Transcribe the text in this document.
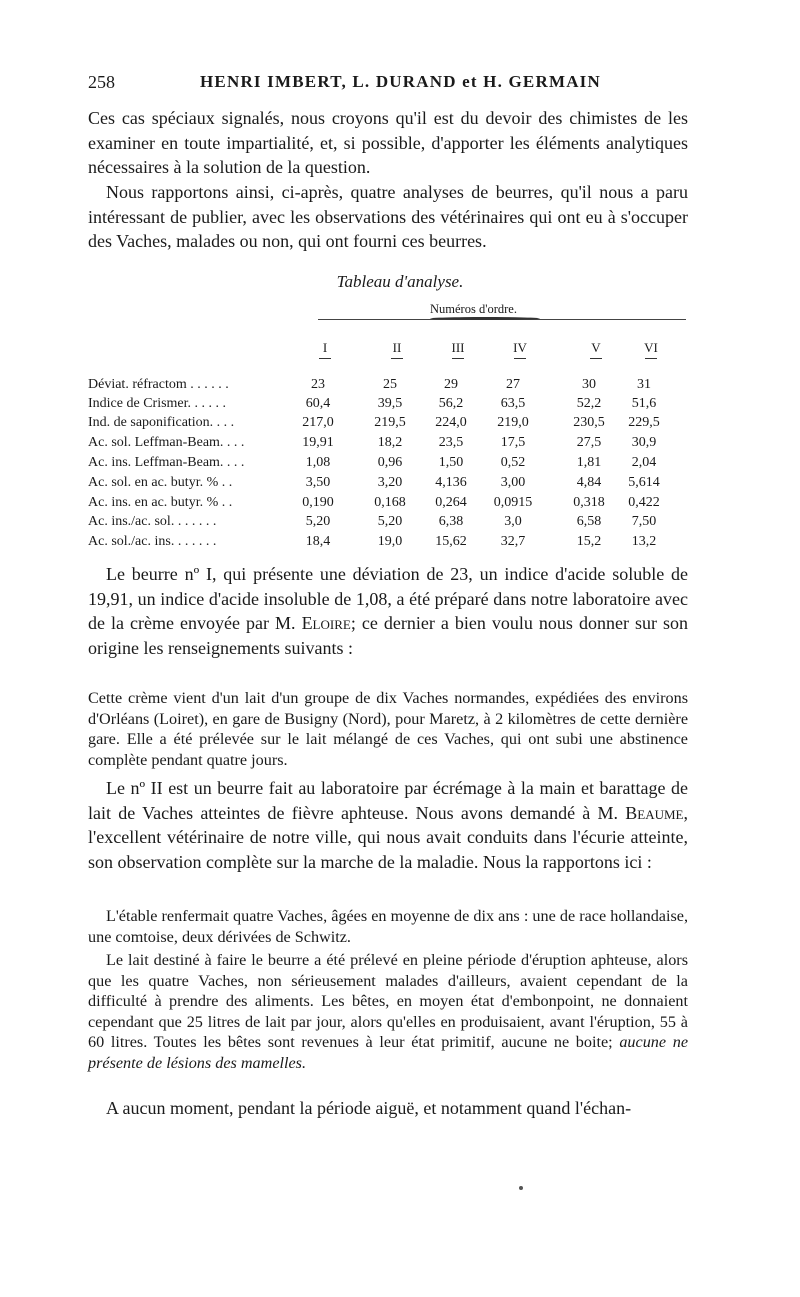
258	HENRI IMBERT, L. DURAND et H. GERMAIN

Ces cas spéciaux signalés, nous croyons qu'il est du devoir des chimistes de les examiner en toute impartialité, et, si possible, d'apporter les éléments analytiques nécessaires à la solution de la question.

Nous rapportons ainsi, ci-après, quatre analyses de beurres, qu'il nous a paru intéressant de publier, avec les observations des vétérinaires qui ont eu à s'occuper des Vaches, malades ou non, qui ont fourni ces beurres.

Tableau d'analyse.
Numéros d'ordre.
I	II	III	IV	V	VI
Déviat. réfractom . . . . . .	23	25	29	27	30	31
Indice de Crismer. . . . . .	60,4	39,5	56,2	63,5	52,2	51,6
Ind. de saponification. . . .	217,0	219,5	224,0	219,0	230,5	229,5
Ac. sol. Leffman-Beam. . . .	19,91	18,2	23,5	17,5	27,5	30,9
Ac. ins. Leffman-Beam. . . .	1,08	0,96	1,50	0,52	1,81	2,04
Ac. sol. en ac. butyr. % . .	3,50	3,20	4,136	3,00	4,84	5,614
Ac. ins. en ac. butyr. % . .	0,190	0,168	0,264	0,0915	0,318	0,422
Ac. ins./ac. sol. . . . . . .	5,20	5,20	6,38	3,0	6,58	7,50
Ac. sol./ac. ins. . . . . . .	18,4	19,0	15,62	32,7	15,2	13,2

Le beurre nº I, qui présente une déviation de 23, un indice d'acide soluble de 19,91, un indice d'acide insoluble de 1,08, a été préparé dans notre laboratoire avec de la crème envoyée par M. Eloire; ce dernier a bien voulu nous donner sur son origine les renseignements suivants :

Cette crème vient d'un lait d'un groupe de dix Vaches normandes, expédiées des environs d'Orléans (Loiret), en gare de Busigny (Nord), pour Maretz, à 2 kilomètres de cette dernière gare. Elle a été prélevée sur le lait mélangé de ces Vaches, qui ont subi une abstinence complète pendant quatre jours.

Le nº II est un beurre fait au laboratoire par écrémage à la main et barattage de lait de Vaches atteintes de fièvre aphteuse. Nous avons demandé à M. Beaume, l'excellent vétérinaire de notre ville, qui nous avait conduits dans l'écurie atteinte, son observation complète sur la marche de la maladie. Nous la rapportons ici :

L'étable renfermait quatre Vaches, âgées en moyenne de dix ans : une de race hollandaise, une comtoise, deux dérivées de Schwitz.

Le lait destiné à faire le beurre a été prélevé en pleine période d'éruption aphteuse, alors que les quatre Vaches, non sérieusement malades d'ailleurs, avaient cependant de la difficulté à prendre des aliments. Les bêtes, en moyen état d'embonpoint, ne donnaient cependant que 25 litres de lait par jour, alors qu'elles en produisaient, avant l'éruption, 55 à 60 litres. Toutes les bêtes sont revenues à leur état primitif, aucune ne boite; aucune ne présente de lésions des mamelles.

A aucun moment, pendant la période aiguë, et notamment quand l'échan-
